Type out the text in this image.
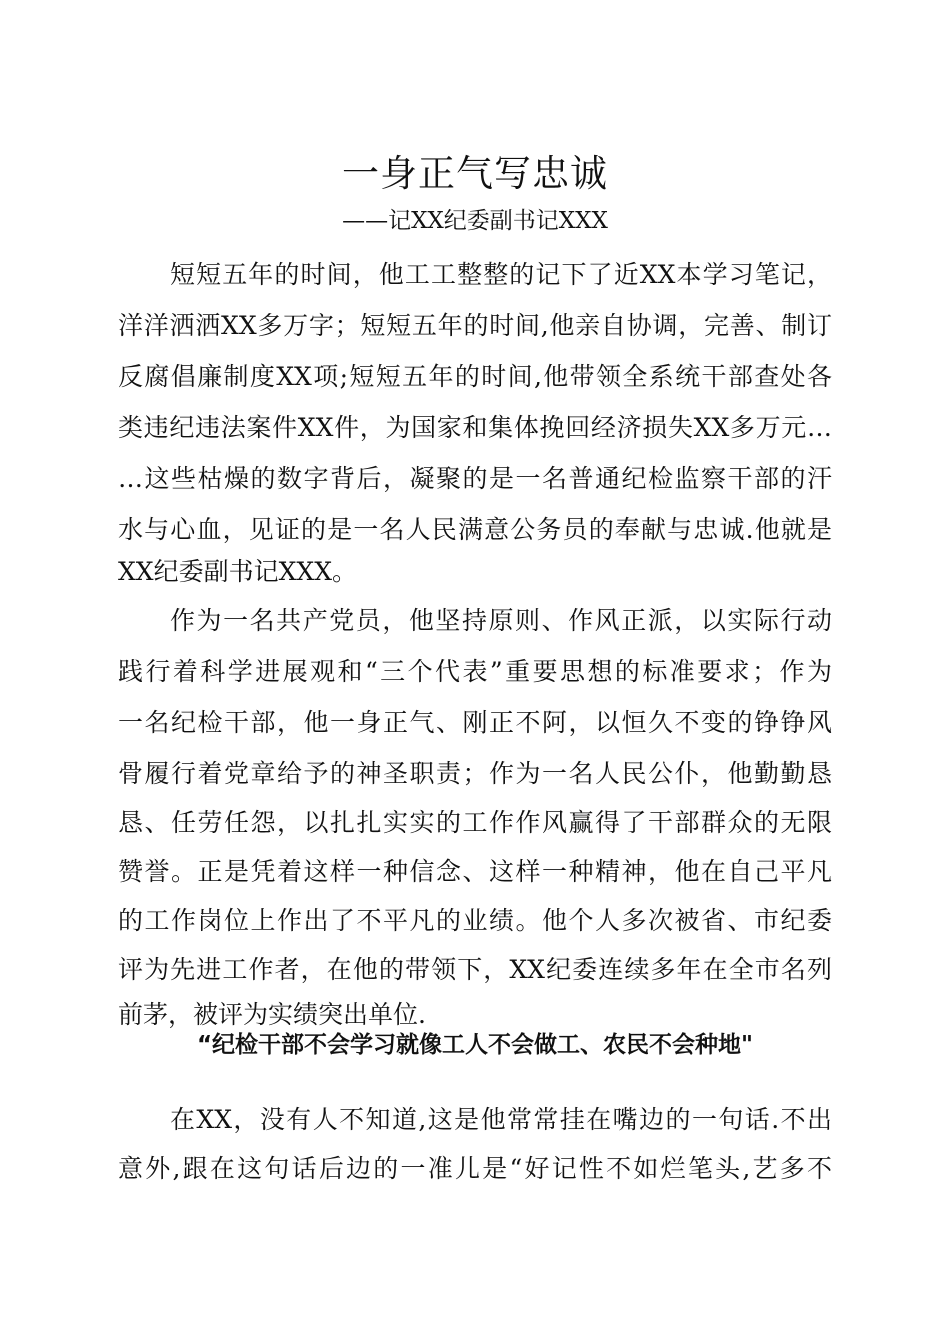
一身正气写忠诚
——记XX纪委副书记XXX
短短五年的时间，他工工整整的记下了近XX本学习笔记，
洋洋洒洒XX多万字；短短五年的时间,他亲自协调，完善、制订
反腐倡廉制度XX项;短短五年的时间,他带领全系统干部查处各
类违纪违法案件XX件，为国家和集体挽回经济损失XX多万元…
…这些枯燥的数字背后，凝聚的是一名普通纪检监察干部的汗
水与心血，见证的是一名人民满意公务员的奉献与忠诚.他就是
XX纪委副书记XXX。
作为一名共产党员，他坚持原则、作风正派，以实际行动
践行着科学进展观和“三个代表”重要思想的标准要求；作为
一名纪检干部，他一身正气、刚正不阿，以恒久不变的铮铮风
骨履行着党章给予的神圣职责；作为一名人民公仆，他勤勤恳
恳、任劳任怨，以扎扎实实的工作作风赢得了干部群众的无限
赞誉。正是凭着这样一种信念、这样一种精神，他在自己平凡
的工作岗位上作出了不平凡的业绩。他个人多次被省、市纪委
评为先进工作者，在他的带领下，XX纪委连续多年在全市名列
前茅，被评为实绩突出单位.
“纪检干部不会学习就像工人不会做工、农民不会种地"
在XX，没有人不知道,这是他常常挂在嘴边的一句话.不出
意外,跟在这句话后边的一准儿是“好记性不如烂笔头,艺多不
